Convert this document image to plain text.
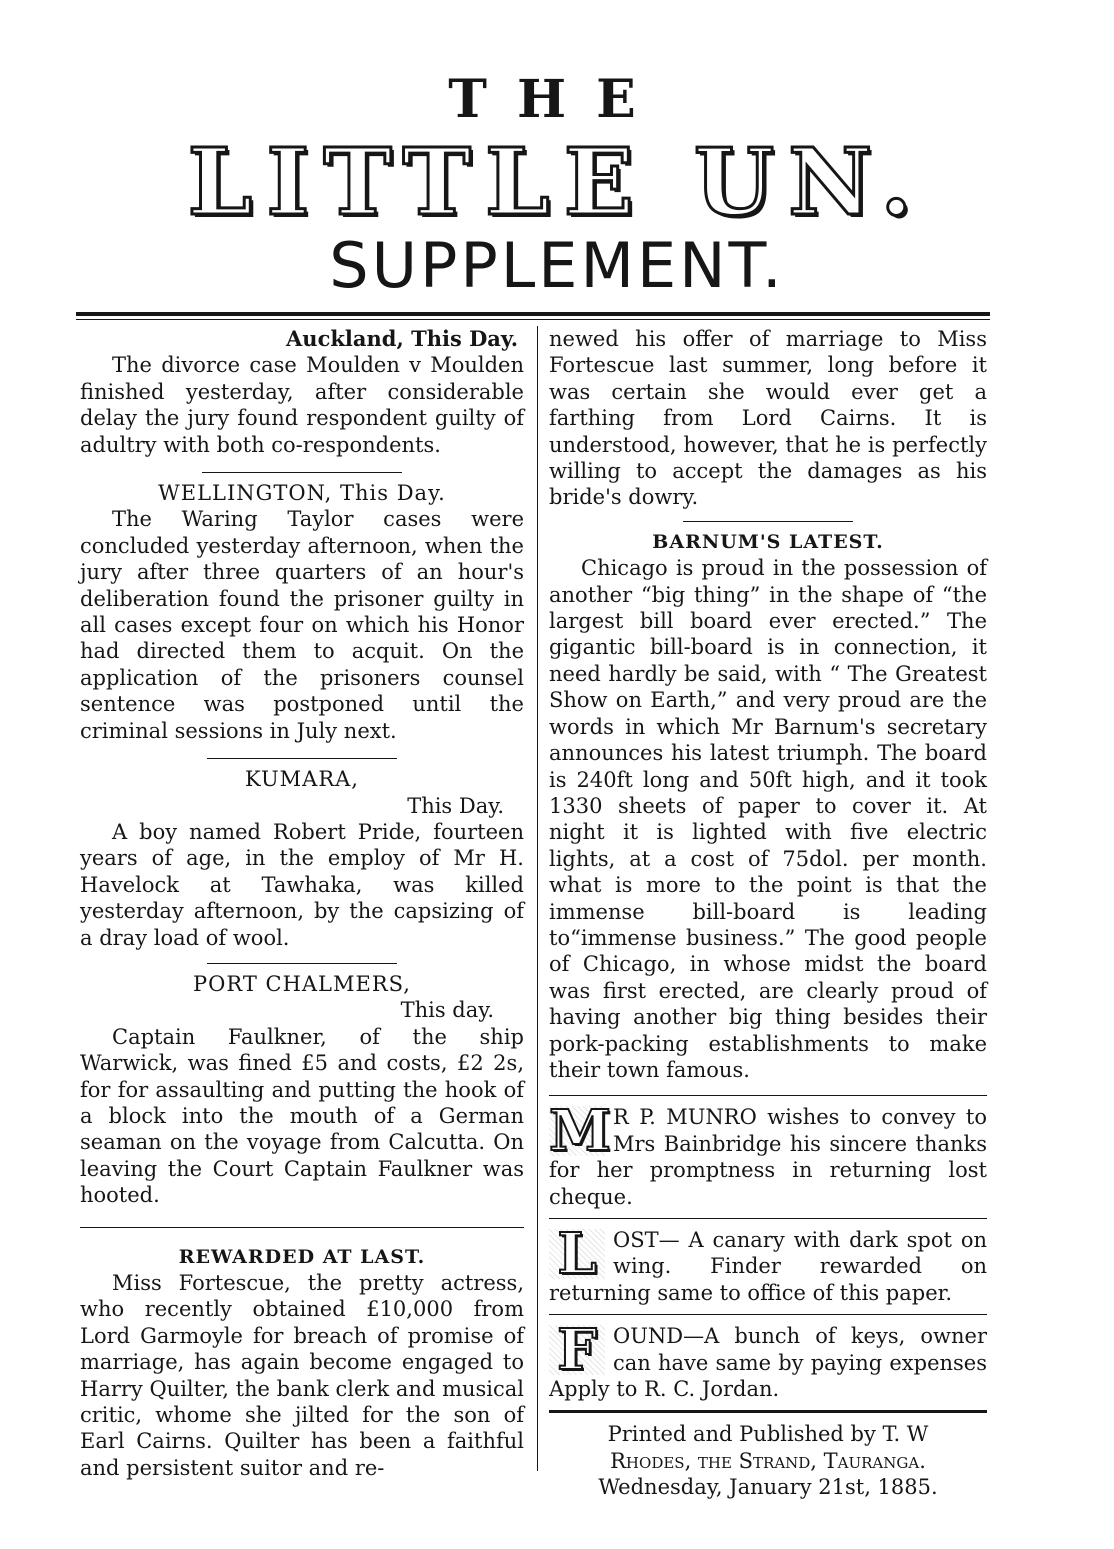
THE
LITTLE UN.
SUPPLEMENT.

Auckland, This Day.

The divorce case Moulden v Moulden finished yesterday, after considerable delay the jury found respondent guilty of adultry with both co-respondents.

WELLINGTON, This Day.

The Waring Taylor cases were concluded yesterday afternoon, when the jury after three quarters of an hour's deliberation found the prisoner guilty in all cases except four on which his Honor had directed them to acquit. On the application of the prisoners counsel sentence was postponed until the criminal sessions in July next.

KUMARA,

This Day.

A boy named Robert Pride, fourteen years of age, in the employ of Mr H. Havelock at Tawhaka, was killed yesterday afternoon, by the capsizing of a dray load of wool.

PORT CHALMERS,

This day.

Captain Faulkner, of the ship Warwick, was fined £5 and costs, £2 2s, for for assaulting and putting the hook of a block into the mouth of a German seaman on the voyage from Calcutta. On leaving the Court Captain Faulkner was hooted.

REWARDED AT LAST.

Miss Fortescue, the pretty actress, who recently obtained £10,000 from Lord Garmoyle for breach of promise of marriage, has again become engaged to Harry Quilter, the bank clerk and musical critic, whome she jilted for the son of Earl Cairns. Quilter has been a faithful and persistent suitor and re-

newed his offer of marriage to Miss Fortescue last summer, long before it was certain she would ever get a farthing from Lord Cairns. It is understood, however, that he is perfectly willing to accept the damages as his bride's dowry.

BARNUM'S LATEST.

Chicago is proud in the possession of another “big thing” in the shape of “the largest bill board ever erected.” The gigantic bill-board is in connection, it need hardly be said, with “ The Greatest Show on Earth,” and very proud are the words in which Mr Barnum's secretary announces his latest triumph. The board is 240ft long and 50ft high, and it took 1330 sheets of paper to cover it. At night it is lighted with five electric lights, at a cost of 75dol. per month. what is more to the point is that the immense bill-board is leading to“immense business.” The good people of Chicago, in whose midst the board was first erected, are clearly proud of having another big thing besides their pork-packing establishments to make their town famous.

M R P. MUNRO wishes to convey to Mrs Bainbridge his sincere thanks for her promptness in returning lost cheque.

L OST— A canary with dark spot on wing. Finder rewarded on returning same to office of this paper.

F OUND—A bunch of keys, owner can have same by paying expenses Apply to R. C. Jordan.

Printed and Published by T. W

Rhodes, the Strand, Tauranga.

Wednesday, January 21st, 1885.
